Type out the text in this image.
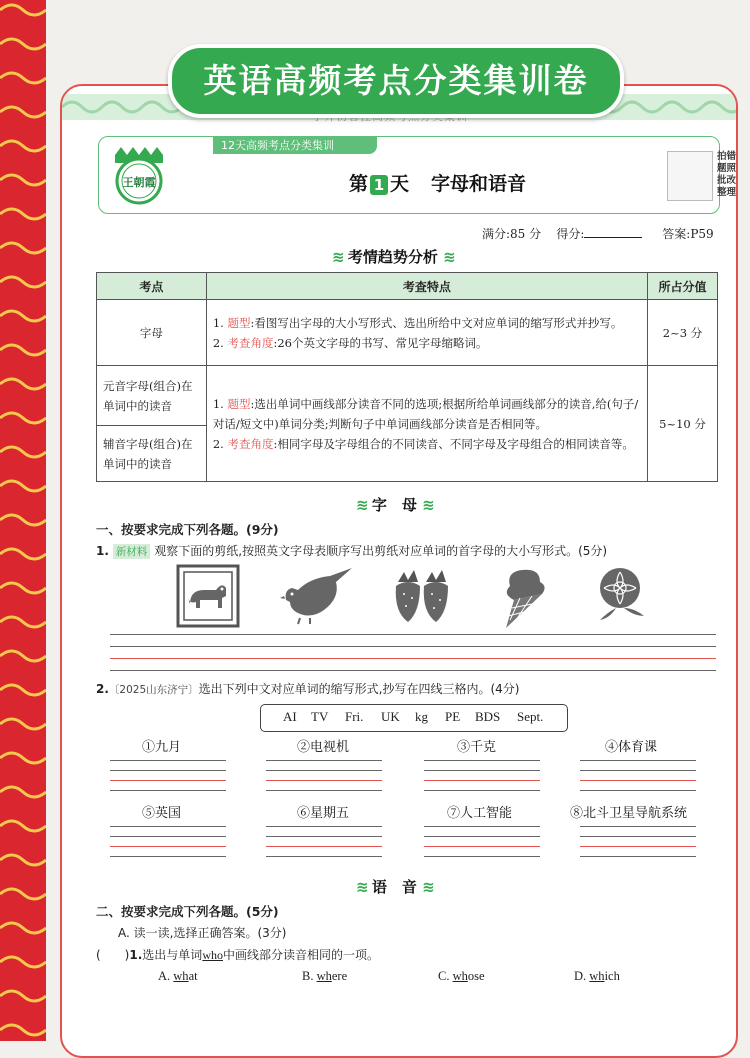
英语高频考点分类集训卷
12天高频考点分类集训
王朝霞	第 1 天 字母和语音
拍错题照批改整理
满分:85 分 得分:	答案:P59
≋ 考情趋势分析 ≋
考点	考查特点	所占分值
字母	1. 题型:看图写出字母的大小写形式、选出所给中文对应单词的缩写形式并抄写。
2. 考查角度:26个英文字母的书写、常见字母缩略词。	2~3 分
元音字母(组合)在单词中的读音	1. 题型:选出单词中画线部分读音不同的选项;根据所给单词画线部分的读音,给(句子/对话/短文中)单词分类;判断句子中单词画线部分读音是否相同等。
2. 考查角度:相同字母及字母组合的不同读音、不同字母及字母组合的相同读音等。	5~10 分
辅音字母(组合)在单词中的读音		
≋ 字　母 ≋
一、按要求完成下列各题。(9分)
1. 新材料 观察下面的剪纸,按照英文字母表顺序写出剪纸对应单词的首字母的大小写形式。(5分)
2.〔2025山东济宁〕选出下列中文对应单词的缩写形式,抄写在四线三格内。(4分)
AI TV Fri. UK kg PE BDS Sept.
①九月	②电视机	③千克	④体育课
⑤英国	⑥星期五	⑦人工智能	⑧北斗卫星导航系统
≋ 语　音 ≋
二、按要求完成下列各题。(5分)
A. 读一读,选择正确答案。(3分)
(　　)1.选出与单词who中画线部分读音相同的一项。
A. what	B. where	C. whose	D. which
